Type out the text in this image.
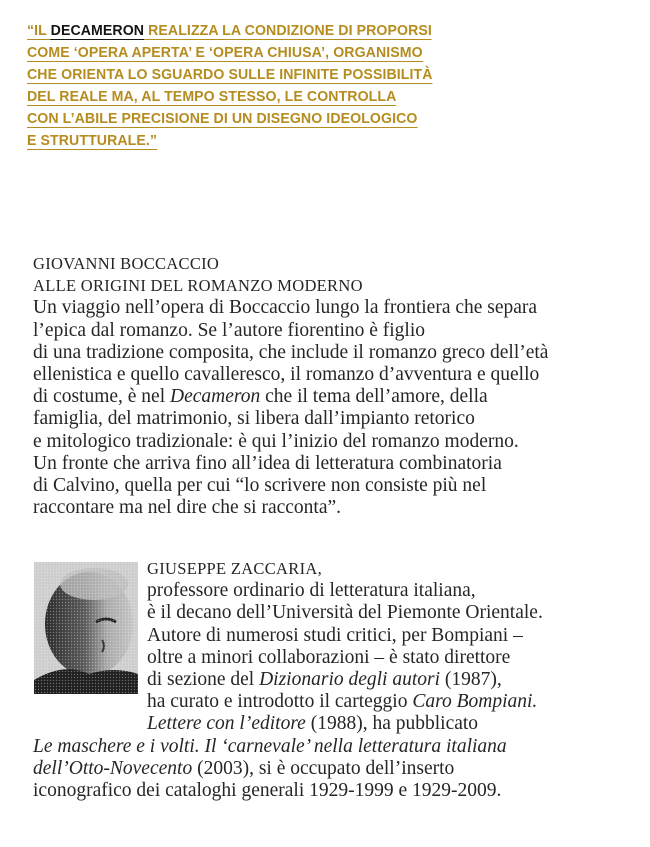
“IL DECAMERON REALIZZA LA CONDIZIONE DI PROPORSI
COME ‘OPERA APERTA’ E ‘OPERA CHIUSA’, ORGANISMO
CHE ORIENTA LO SGUARDO SULLE INFINITE POSSIBILITÀ
DEL REALE MA, AL TEMPO STESSO, LE CONTROLLA
CON L’ABILE PRECISIONE DI UN DISEGNO IDEOLOGICO
E STRUTTURALE.”
GIOVANNI BOCCACCIO
ALLE ORIGINI DEL ROMANZO MODERNO
Un viaggio nell’opera di Boccaccio lungo la frontiera che separa
l’epica dal romanzo. Se l’autore fiorentino è figlio
di una tradizione composita, che include il romanzo greco dell’età
ellenistica e quello cavalleresco, il romanzo d’avventura e quello
di costume, è nel Decameron che il tema dell’amore, della
famiglia, del matrimonio, si libera dall’impianto retorico
e mitologico tradizionale: è qui l’inizio del romanzo moderno.
Un fronte che arriva fino all’idea di letteratura combinatoria
di Calvino, quella per cui “lo scrivere non consiste più nel
raccontare ma nel dire che si racconta”.
GIUSEPPE ZACCARIA,
professore ordinario di letteratura italiana,
è il decano dell’Università del Piemonte Orientale.
Autore di numerosi studi critici, per Bompiani –
oltre a minori collaborazioni – è stato direttore
di sezione del Dizionario degli autori (1987),
ha curato e introdotto il carteggio Caro Bompiani.
Lettere con l’editore (1988), ha pubblicato
Le maschere e i volti. Il ‘carnevale’ nella letteratura italiana
dell’Otto-Novecento (2003), si è occupato dell’inserto
iconografico dei cataloghi generali 1929-1999 e 1929-2009.
